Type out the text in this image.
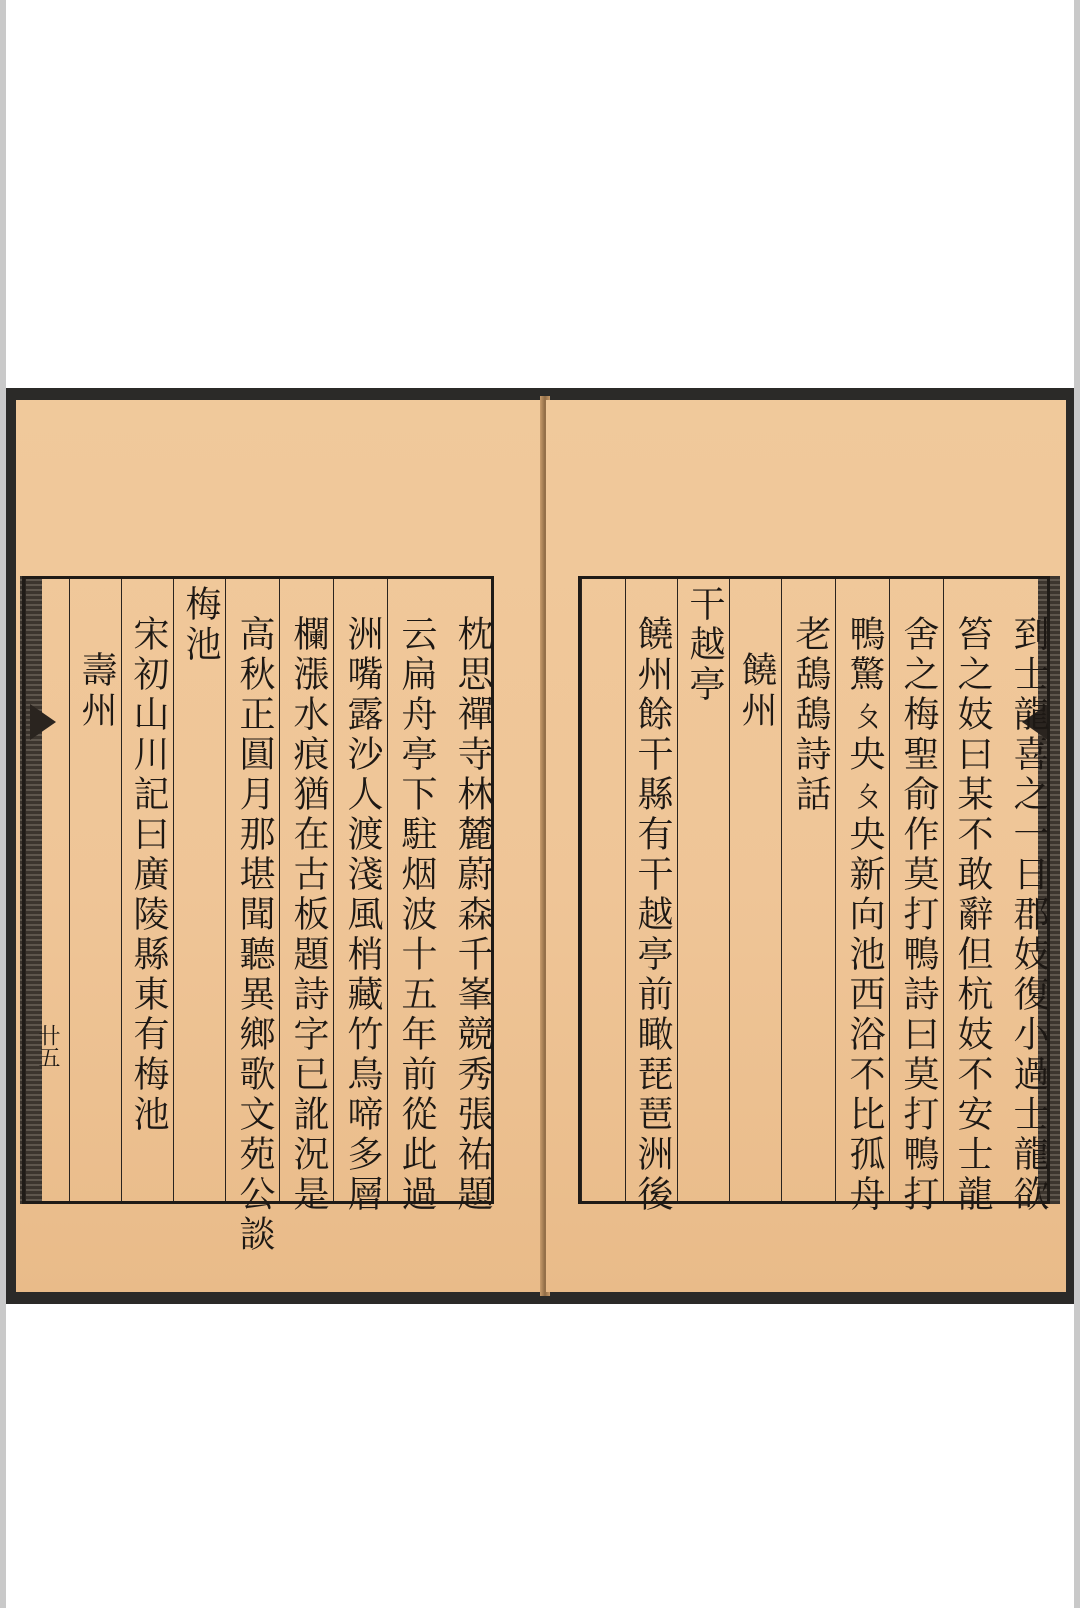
卄五	枕思禪寺林麓蔚森千峯競秀張祐題
云扁舟亭下駐烟波十五年前從此過
洲嘴露沙人渡淺風梢藏竹鳥啼多層
欄漲水痕猶在古板題詩字已訛況是
高秋正圓月那堪聞聽異鄉歌文苑公談
梅池
宋初山川記曰廣陵縣東有梅池
壽州	到士龍喜之一日郡妓復小過士龍欲
笞之妓曰某不敢辭但杭妓不安士龍
舍之梅聖俞作莫打鴨詩曰莫打鴨打
鴨驚ㄆ央ㄆ央新向池西浴不比孤舟
老鴰鴰詩話
饒州
干越亭
饒州餘干縣有干越亭前瞰琵琶洲後
